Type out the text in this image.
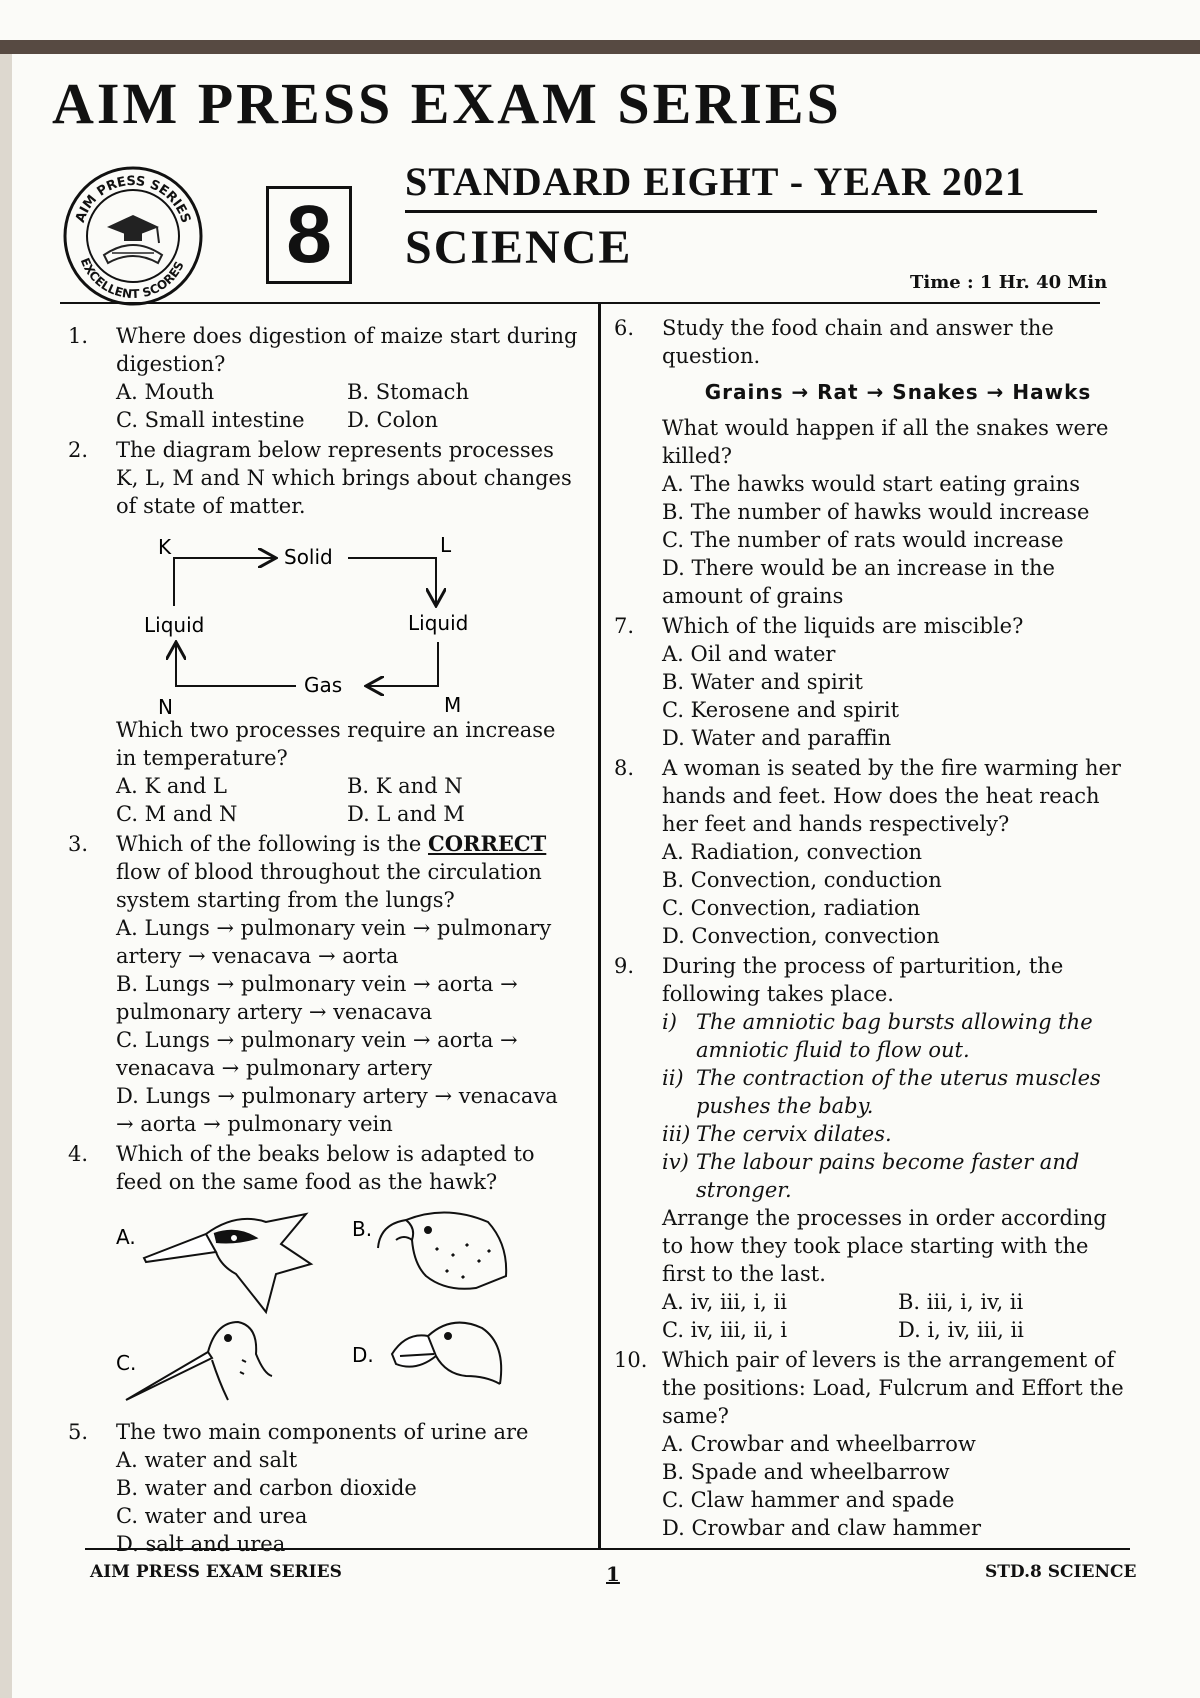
AIM PRESS EXAM SERIES
AIM PRESS SERIES
EXCELLENT SCORES 8
STANDARD EIGHT - YEAR 2021
SCIENCE
Time : 1 Hr. 40 Min
1. Where does digestion of maize start during digestion?
A. Mouth	B. Stomach
C. Small intestine	D. Colon
2. The diagram below represents processes K, L, M and N which brings about changes of state of matter.
K	L
Solid
Liquid	Liquid
Gas
N	M
Which two processes require an increase in temperature?
A. K and L	B. K and N
C. M and N	D. L and M
3. Which of the following is the CORRECT flow of blood throughout the circulation system starting from the lungs?
A. Lungs → pulmonary vein → pulmonary artery → venacava → aorta
B. Lungs → pulmonary vein → aorta → pulmonary artery → venacava
C. Lungs → pulmonary vein → aorta → venacava → pulmonary artery
D. Lungs → pulmonary artery → venacava → aorta → pulmonary vein
4. Which of the beaks below is adapted to feed on the same food as the hawk?
A.	B.
C.	D.
5. The two main components of urine are
A. water and salt
B. water and carbon dioxide
C. water and urea
D. salt and urea
6. Study the food chain and answer the question.
Grains → Rat → Snakes → Hawks
What would happen if all the snakes were killed?
A. The hawks would start eating grains
B. The number of hawks would increase
C. The number of rats would increase
D. There would be an increase in the amount of grains
7. Which of the liquids are miscible?
A. Oil and water
B. Water and spirit
C. Kerosene and spirit
D. Water and paraffin
8. A woman is seated by the fire warming her hands and feet. How does the heat reach her feet and hands respectively?
A. Radiation, convection
B. Convection, conduction
C. Convection, radiation
D. Convection, convection
9. During the process of parturition, the following takes place.
i) The amniotic bag bursts allowing the amniotic fluid to flow out.
ii) The contraction of the uterus muscles pushes the baby.
iii) The cervix dilates.
iv) The labour pains become faster and stronger.
Arrange the processes in order according to how they took place starting with the first to the last.
A. iv, iii, i, ii	B. iii, i, iv, ii
C. iv, iii, ii, i	D. i, iv, iii, ii
10. Which pair of levers is the arrangement of the positions: Load, Fulcrum and Effort the same?
A. Crowbar and wheelbarrow
B. Spade and wheelbarrow
C. Claw hammer and spade
D. Crowbar and claw hammer
AIM PRESS EXAM SERIES	1	STD.8 SCIENCE
